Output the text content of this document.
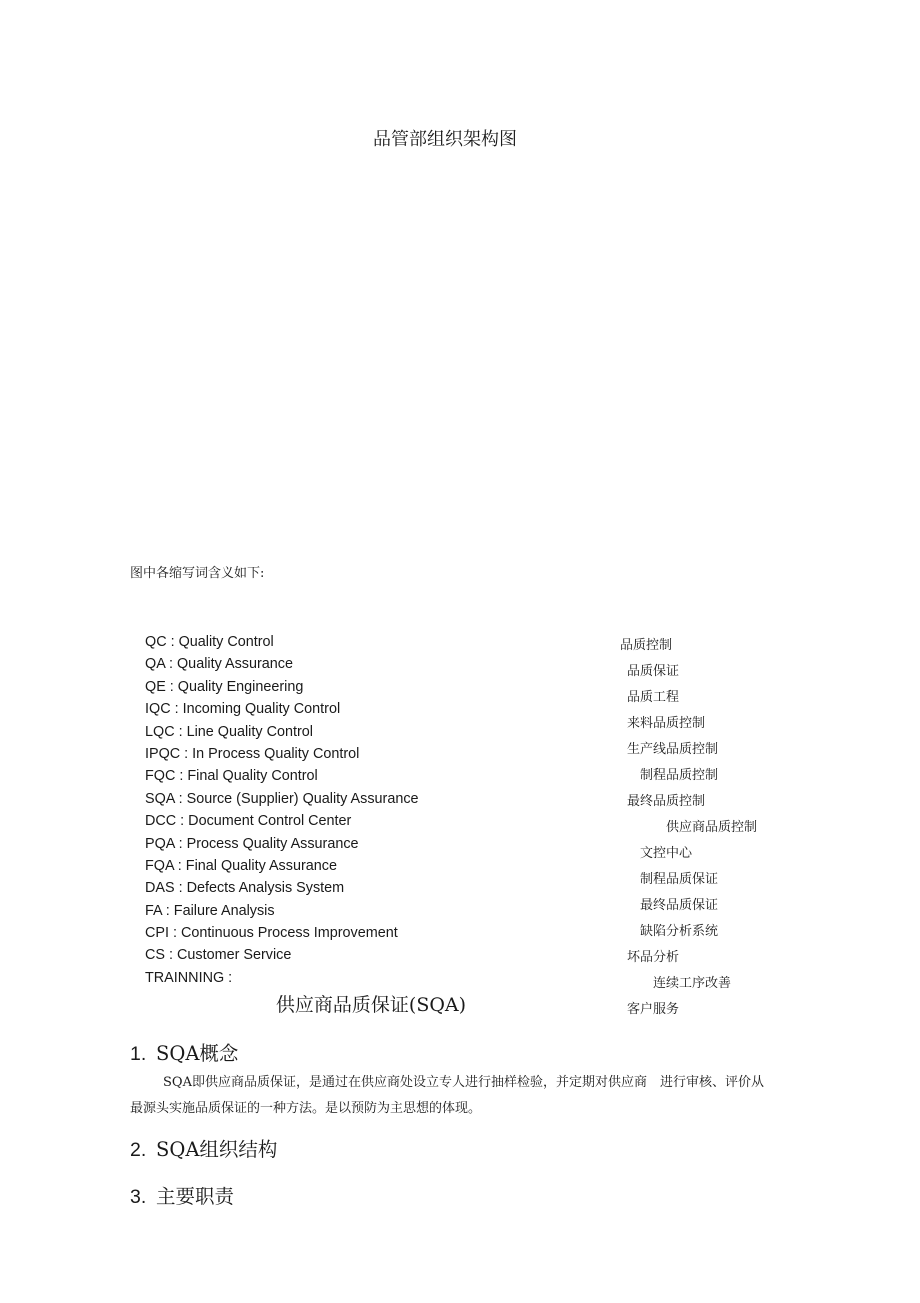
品管部组织架构图
图中各缩写词含义如下:
QC : Quality Control
QA : Quality Assurance
QE : Quality Engineering
IQC : Incoming Quality Control
LQC : Line Quality Control
IPQC : In Process Quality Control
FQC : Final Quality Control
SQA : Source (Supplier) Quality Assurance
DCC : Document Control Center
PQA : Process Quality Assurance
FQA : Final Quality Assurance
DAS : Defects Analysis System
FA : Failure Analysis
CPI : Continuous Process Improvement
CS : Customer Service
TRAINNING :
品质控制
品质保证
品质工程
来料品质控制
生产线品质控制
制程品质控制
最终品质控制
供应商品质控制
文控中心
制程品质保证
最终品质保证
缺陷分析系统
坏品分析
连续工序改善
客户服务
供应商品质保证(SQA)
1. SQA概念
SQA即供应商品质保证，是通过在供应商处设立专人进行抽样检验，并定期对供应商　进行审核、评价从最源头实施品质保证的一种方法。是以预防为主思想的体现。
2. SQA组织结构
3. 主要职责
